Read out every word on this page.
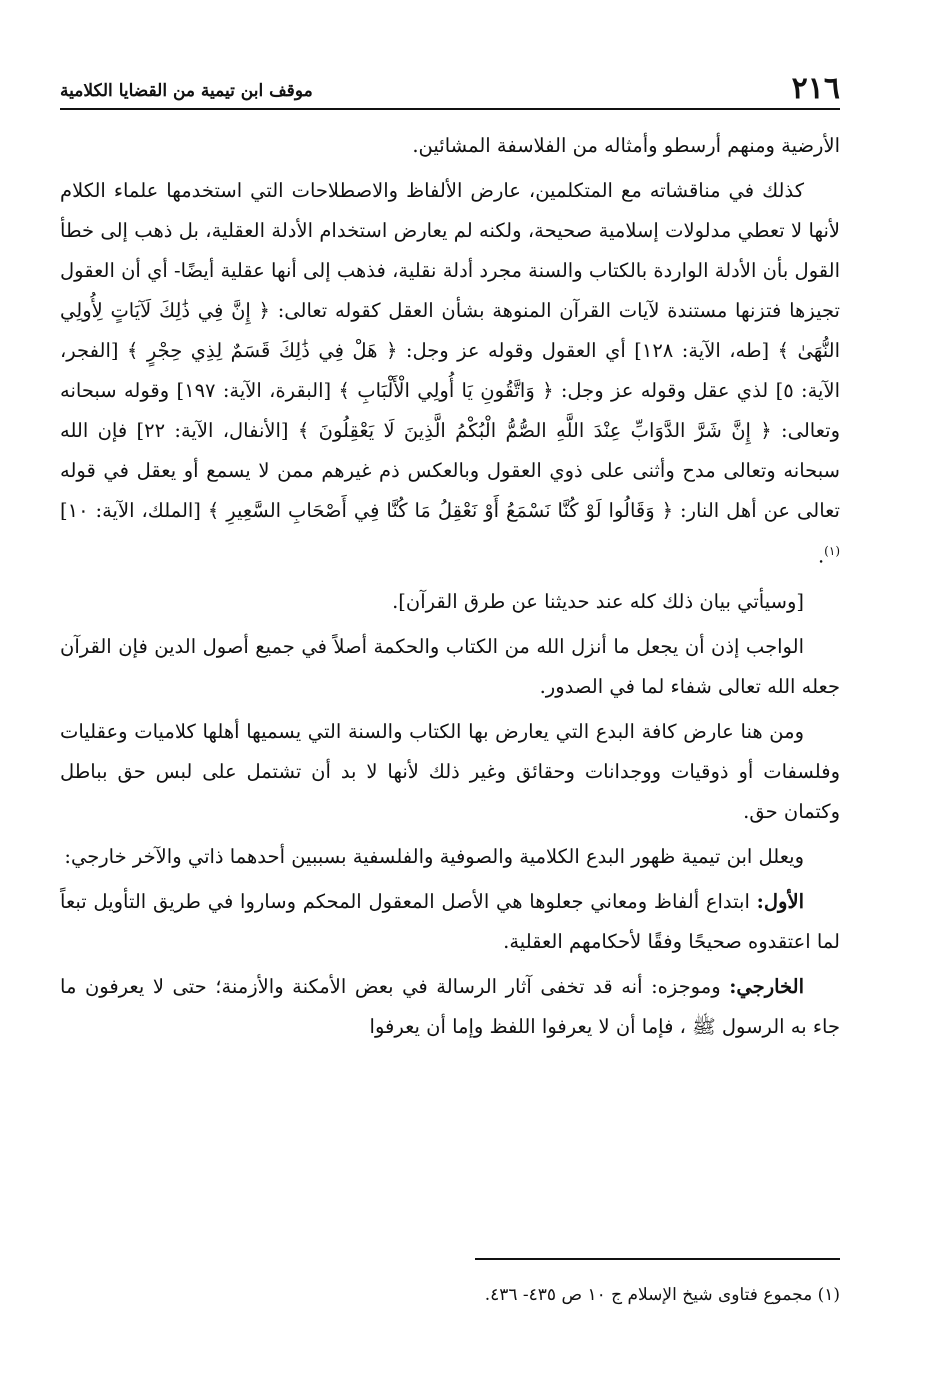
٢١٦
موقف ابن تيمية من القضايا الكلامية

الأرضية ومنهم أرسطو وأمثاله من الفلاسفة المشائين.

كذلك في مناقشاته مع المتكلمين، عارض الألفاظ والاصطلاحات التي استخدمها علماء الكلام لأنها لا تعطي مدلولات إسلامية صحيحة، ولكنه لم يعارض استخدام الأدلة العقلية، بل ذهب إلى خطأ القول بأن الأدلة الواردة بالكتاب والسنة مجرد أدلة نقلية، فذهب إلى أنها عقلية أيضًا- أي أن العقول تجيزها فتزنها مستندة لآيات القرآن المنوهة بشأن العقل كقوله تعالى: ﴿ إِنَّ فِي ذَٰلِكَ لَآيَاتٍ لِأُولِي النُّهَىٰ ﴾ [طه، الآية: ١٢٨] أي العقول وقوله عز وجل: ﴿ هَلْ فِي ذَٰلِكَ قَسَمٌ لِذِي حِجْرٍ ﴾ [الفجر، الآية: ٥] لذي عقل وقوله عز وجل: ﴿ وَاتَّقُونِ يَا أُولِي الْأَلْبَابِ ﴾ [البقرة، الآية: ١٩٧] وقوله سبحانه وتعالى: ﴿ إِنَّ شَرَّ الدَّوَابِّ عِنْدَ اللَّهِ الصُّمُّ الْبُكْمُ الَّذِينَ لَا يَعْقِلُونَ ﴾ [الأنفال، الآية: ٢٢] فإن الله سبحانه وتعالى مدح وأثنى على ذوي العقول وبالعكس ذم غيرهم ممن لا يسمع أو يعقل في قوله تعالى عن أهل النار: ﴿ وَقَالُوا لَوْ كُنَّا نَسْمَعُ أَوْ نَعْقِلُ مَا كُنَّا فِي أَصْحَابِ السَّعِيرِ ﴾ [الملك، الآية: ١٠]$^{(١)}$.

[وسيأتي بيان ذلك كله عند حديثنا عن طرق القرآن].

الواجب إذن أن يجعل ما أنزل الله من الكتاب والحكمة أصلاً في جميع أصول الدين فإن القرآن جعله الله تعالى شفاء لما في الصدور.

ومن هنا عارض كافة البدع التي يعارض بها الكتاب والسنة التي يسميها أهلها كلاميات وعقليات وفلسفات أو ذوقيات ووجدانات وحقائق وغير ذلك لأنها لا بد أن تشتمل على لبس حق بباطل وكتمان حق.

ويعلل ابن تيمية ظهور البدع الكلامية والصوفية والفلسفية بسببين أحدهما ذاتي والآخر خارجي:

الأول: ابتداع ألفاظ ومعاني جعلوها هي الأصل المعقول المحكم وساروا في طريق التأويل تبعاً لما اعتقدوه صحيحًا وفقًا لأحكامهم العقلية.

الخارجي: وموجزه: أنه قد تخفى آثار الرسالة في بعض الأمكنة والأزمنة؛ حتى لا يعرفون ما جاء به الرسول ﷺ ، فإما أن لا يعرفوا اللفظ وإما أن يعرفوا

(١) مجموع فتاوى شيخ الإسلام ج ١٠ ص ٤٣٥- ٤٣٦.
